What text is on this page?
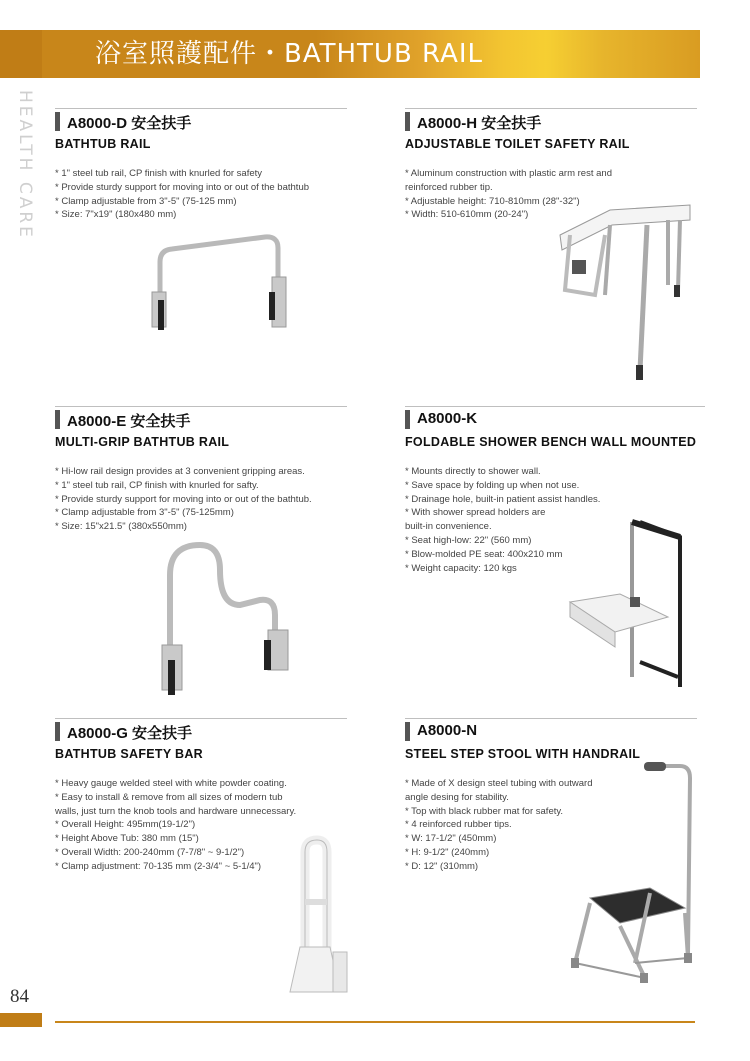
浴室照護配件・BATHTUB RAIL
HEALTH CARE A8000-D 安全扶手
BATHTUB RAIL
* 1" steel tub rail, CP finish with knurled for safety
* Provide sturdy support for moving into or out of the bathtub
* Clamp adjustable from 3"-5" (75-125 mm)
* Size: 7"x19" (180x480 mm)
A8000-H 安全扶手
ADJUSTABLE TOILET SAFETY RAIL
* Aluminum construction with plastic arm rest and
reinforced rubber tip.
* Adjustable height: 710-810mm (28"-32")
* Width: 510-610mm (20-24")
A8000-E 安全扶手
MULTI-GRIP BATHTUB RAIL
* Hi-low rail design provides at 3 convenient gripping areas.
* 1" steel tub rail, CP finish with knurled for safty.
* Provide sturdy support for moving into or out of the bathtub.
* Clamp adjustable from 3"-5" (75-125mm)
* Size: 15"x21.5" (380x550mm)
A8000-K
FOLDABLE SHOWER BENCH WALL MOUNTED
* Mounts directly to shower wall.
* Save space by folding up when not use.
* Drainage hole, built-in patient assist handles.
* With shower spread holders are
built-in convenience.
* Seat high-low: 22" (560 mm)
* Blow-molded PE seat: 400x210 mm
* Weight capacity: 120 kgs
A8000-G 安全扶手
BATHTUB SAFETY BAR
* Heavy gauge welded steel with white powder coating.
* Easy to install & remove from all sizes of modern tub
walls, just turn the knob tools and hardware unnecessary.
* Overall Height: 495mm(19-1/2")
* Height Above Tub: 380 mm (15")
* Overall Width: 200-240mm (7-7/8" ~ 9-1/2")
* Clamp adjustment: 70-135 mm (2-3/4" ~ 5-1/4")
A8000-N
STEEL STEP STOOL WITH HANDRAIL
* Made of X design steel tubing with outward
angle desing for stability.
* Top with black rubber mat for safety.
* 4 reinforced rubber tips.
* W: 17-1/2" (450mm)
* H: 9-1/2" (240mm)
* D: 12" (310mm)
84
